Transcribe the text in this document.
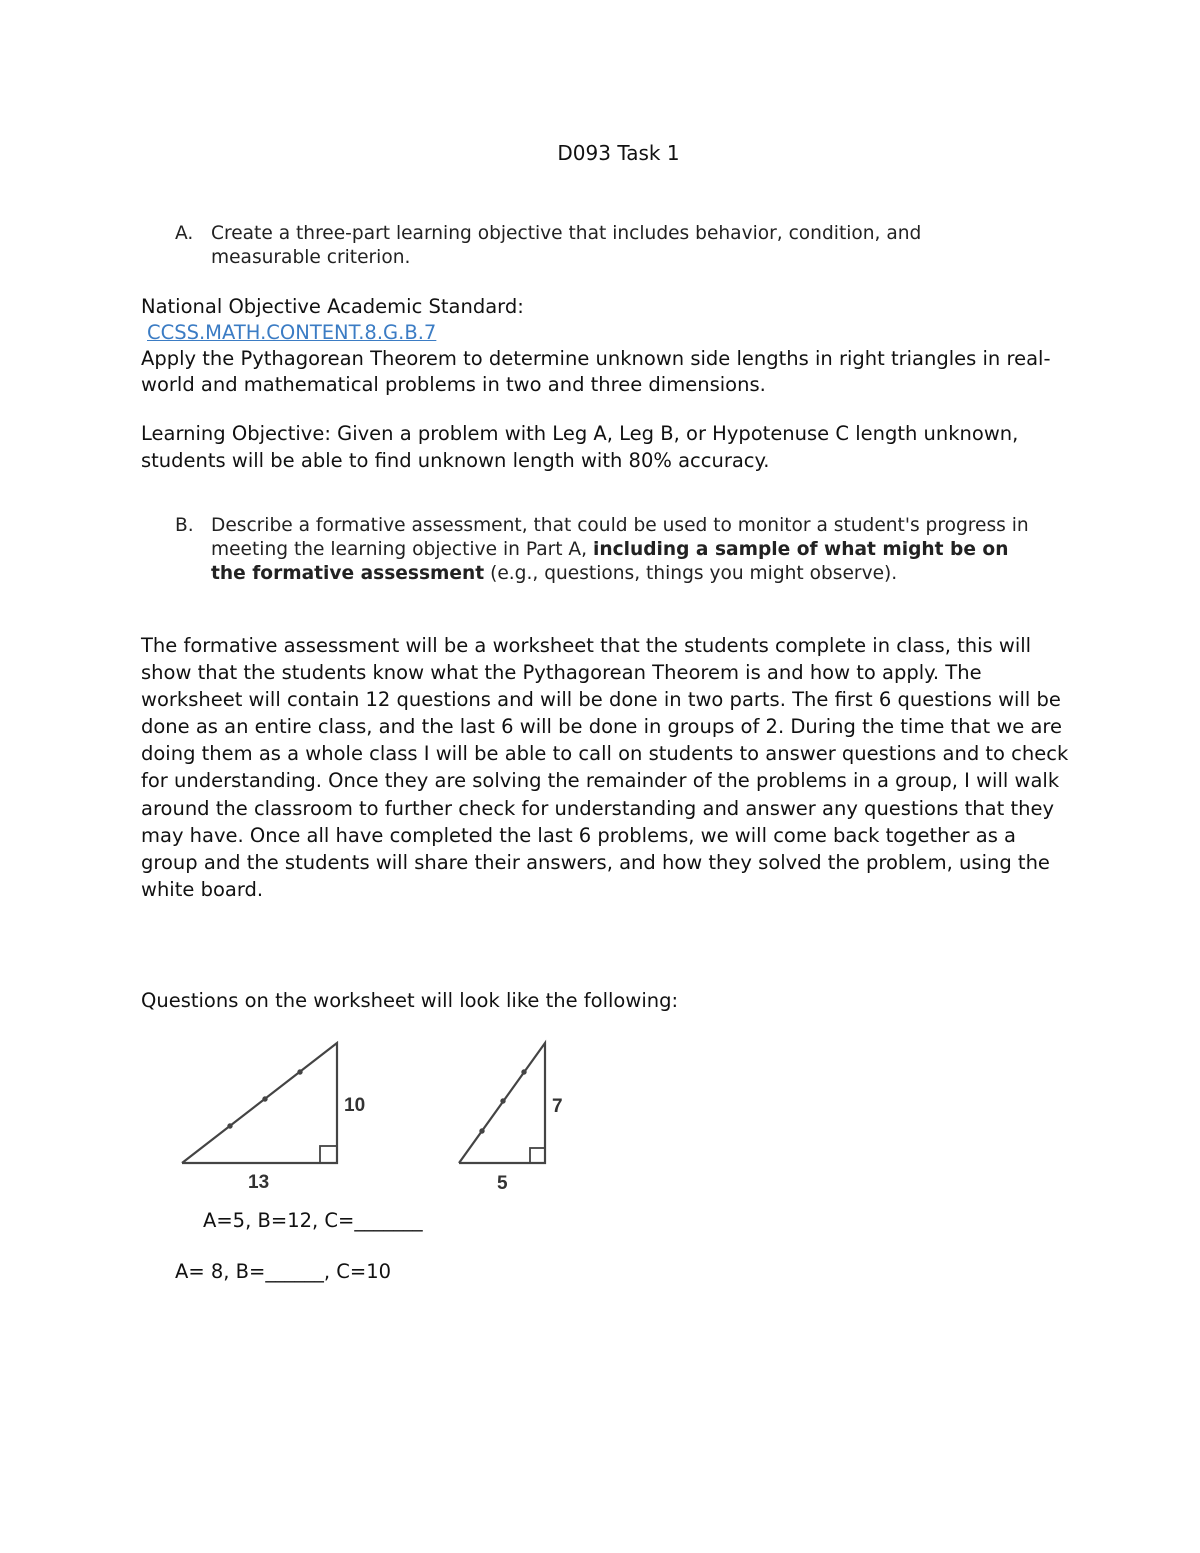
D093 Task 1
A. Create a three-part learning objective that includes behavior, condition, and measurable criterion.
National Objective Academic Standard:
CCSS.MATH.CONTENT.8.G.B.7
Apply the Pythagorean Theorem to determine unknown side lengths in right triangles in real-world and mathematical problems in two and three dimensions.
Learning Objective: Given a problem with Leg A, Leg B, or Hypotenuse C length unknown, students will be able to find unknown length with 80% accuracy.
B. Describe a formative assessment, that could be used to monitor a student's progress in meeting the learning objective in Part A, including a sample of what might be on the formative assessment (e.g., questions, things you might observe).
The formative assessment will be a worksheet that the students complete in class, this will show that the students know what the Pythagorean Theorem is and how to apply. The worksheet will contain 12 questions and will be done in two parts. The first 6 questions will be done as an entire class, and the last 6 will be done in groups of 2. During the time that we are doing them as a whole class I will be able to call on students to answer questions and to check for understanding. Once they are solving the remainder of the problems in a group, I will walk around the classroom to further check for understanding and answer any questions that they may have. Once all have completed the last 6 problems, we will come back together as a group and the students will share their answers, and how they solved the problem, using the white board.
Questions on the worksheet will look like the following:
10
13
7
5
A=5, B=12, C=_______
A= 8, B=______, C=10
